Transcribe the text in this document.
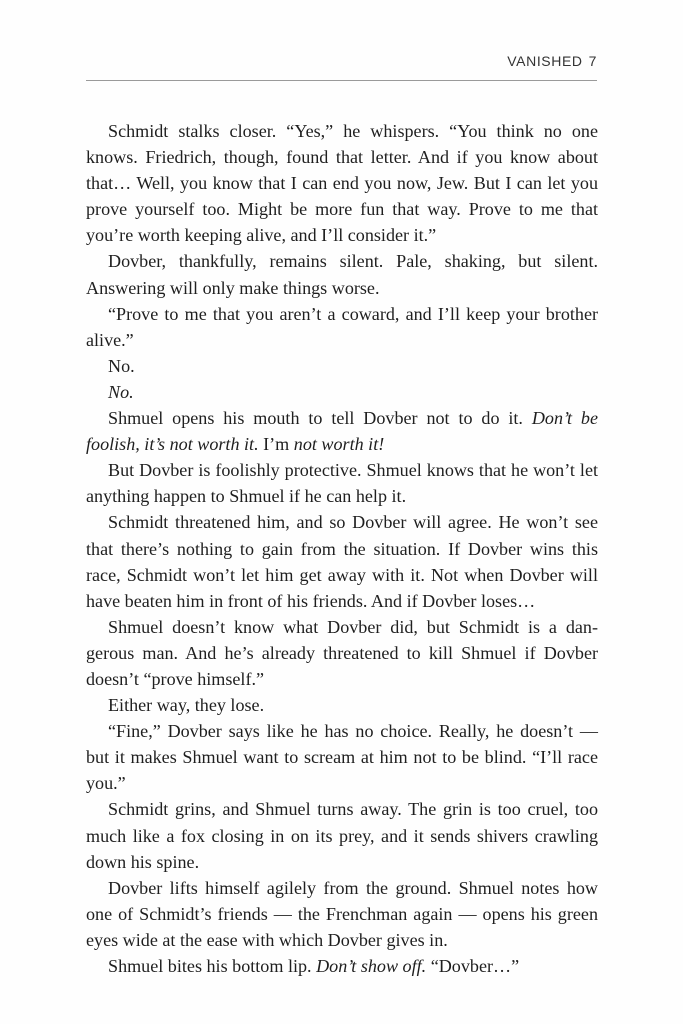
VANISHED 7

Schmidt stalks closer. “Yes,” he whispers. “You think no one knows. Friedrich, though, found that letter. And if you know about that… Well, you know that I can end you now, Jew. But I can let you prove yourself too. Might be more fun that way. Prove to me that you’re worth keeping alive, and I’ll consider it.”

Dovber, thankfully, remains silent. Pale, shaking, but silent. Answering will only make things worse.

“Prove to me that you aren’t a coward, and I’ll keep your brother alive.”

No.

No.

Shmuel opens his mouth to tell Dovber not to do it. Don’t be foolish, it’s not worth it. I’m not worth it!

But Dovber is foolishly protective. Shmuel knows that he won’t let anything happen to Shmuel if he can help it.

Schmidt threatened him, and so Dovber will agree. He won’t see that there’s nothing to gain from the situation. If Dovber wins this race, Schmidt won’t let him get away with it. Not when Dovber will have beaten him in front of his friends. And if Dovber loses…

Shmuel doesn’t know what Dovber did, but Schmidt is a dan-gerous man. And he’s already threatened to kill Shmuel if Dovber doesn’t “prove himself.”

Either way, they lose.

“Fine,” Dovber says like he has no choice. Really, he doesn’t — but it makes Shmuel want to scream at him not to be blind. “I’ll race you.”

Schmidt grins, and Shmuel turns away. The grin is too cruel, too much like a fox closing in on its prey, and it sends shivers crawling down his spine.

Dovber lifts himself agilely from the ground. Shmuel notes how one of Schmidt’s friends — the Frenchman again — opens his green eyes wide at the ease with which Dovber gives in.

Shmuel bites his bottom lip. Don’t show off. “Dovber…”
